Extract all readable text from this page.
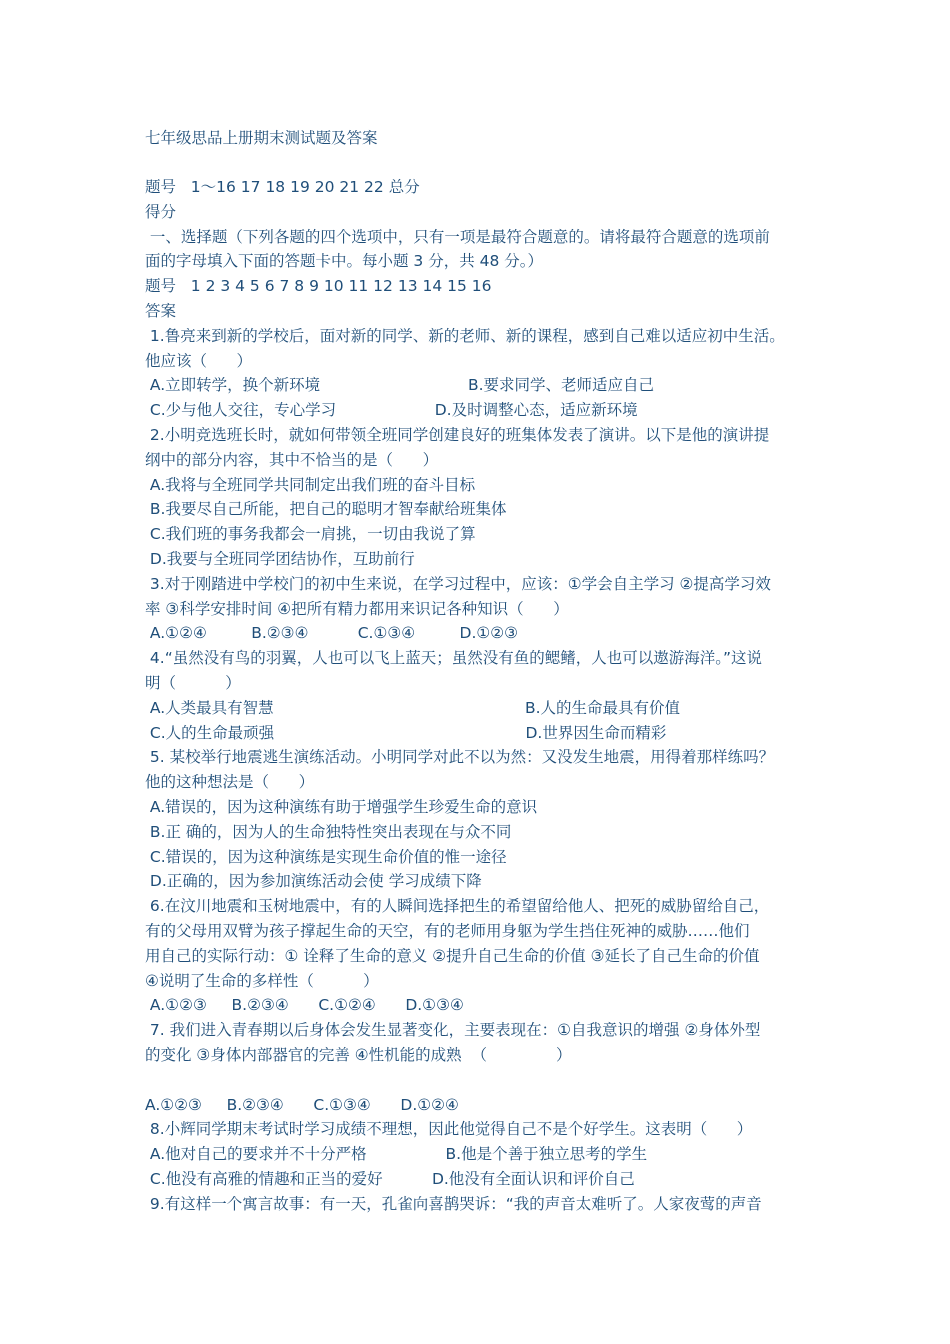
七年级思品上册期末测试题及答案
题号   1～16 17 18 19 20 21 22 总分
得分
一、选择题（下列各题的四个选项中，只有一项是最符合题意的。请将最符合题意的选项前
面的字母填入下面的答题卡中。每小题 3 分，共 48 分。）
题号   1 2 3 4 5 6 7 8 9 10 11 12 13 14 15 16
答案
1.鲁亮来到新的学校后，面对新的同学、新的老师、新的课程，感到自己难以适应初中生活。
他应该（      ）
A.立即转学，换个新环境                              B.要求同学、老师适应自己
C.少与他人交往，专心学习                    D.及时调整心态，适应新环境
2.小明竞选班长时，就如何带领全班同学创建良好的班集体发表了演讲。以下是他的演讲提
纲中的部分内容，其中不恰当的是（      ）
A.我将与全班同学共同制定出我们班的奋斗目标
B.我要尽自己所能，把自己的聪明才智奉献给班集体
C.我们班的事务我都会一肩挑，一切由我说了算
D.我要与全班同学团结协作，互助前行
3.对于刚踏进中学校门的初中生来说，在学习过程中，应该：①学会自主学习 ②提高学习效
率 ③科学安排时间 ④把所有精力都用来识记各种知识（      ）
A.①②④         B.②③④          C.①③④         D.①②③
4.“虽然没有鸟的羽翼，人也可以飞上蓝天；虽然没有鱼的鳃鳍，人也可以遨游海洋。”这说
明（          ）
A.人类最具有智慧                                                   B.人的生命最具有价值
C.人的生命最顽强                                                   D.世界因生命而精彩
5. 某校举行地震逃生演练活动。小明同学对此不以为然：又没发生地震，用得着那样练吗？
他的这种想法是（      ）
A.错误的，因为这种演练有助于增强学生珍爱生命的意识
B.正 确的，因为人的生命独特性突出表现在与众不同
C.错误的，因为这种演练是实现生命价值的惟一途径
D.正确的，因为参加演练活动会使 学习成绩下降
6.在汶川地震和玉树地震中，有的人瞬间选择把生的希望留给他人、把死的威胁留给自己，
有的父母用双臂为孩子撑起生命的天空，有的老师用身躯为学生挡住死神的威胁……他们
用自己的实际行动：① 诠释了生命的意义 ②提升自己生命的价值 ③延长了自己生命的价值
④说明了生命的多样性（          ）
A.①②③     B.②③④      C.①②④      D.①③④
7. 我们进入青春期以后身体会发生显著变化，主要表现在：①自我意识的增强 ②身体外型
的变化 ③身体内部器官的完善 ④性机能的成熟  （              ）
A.①②③     B.②③④      C.①③④      D.①②④
8.小辉同学期末考试时学习成绩不理想，因此他觉得自己不是个好学生。这表明（      ）
A.他对自己的要求并不十分严格                B.他是个善于独立思考的学生
C.他没有高雅的情趣和正当的爱好          D.他没有全面认识和评价自己
9.有这样一个寓言故事：有一天，孔雀向喜鹊哭诉：“我的声音太难听了。人家夜莺的声音
